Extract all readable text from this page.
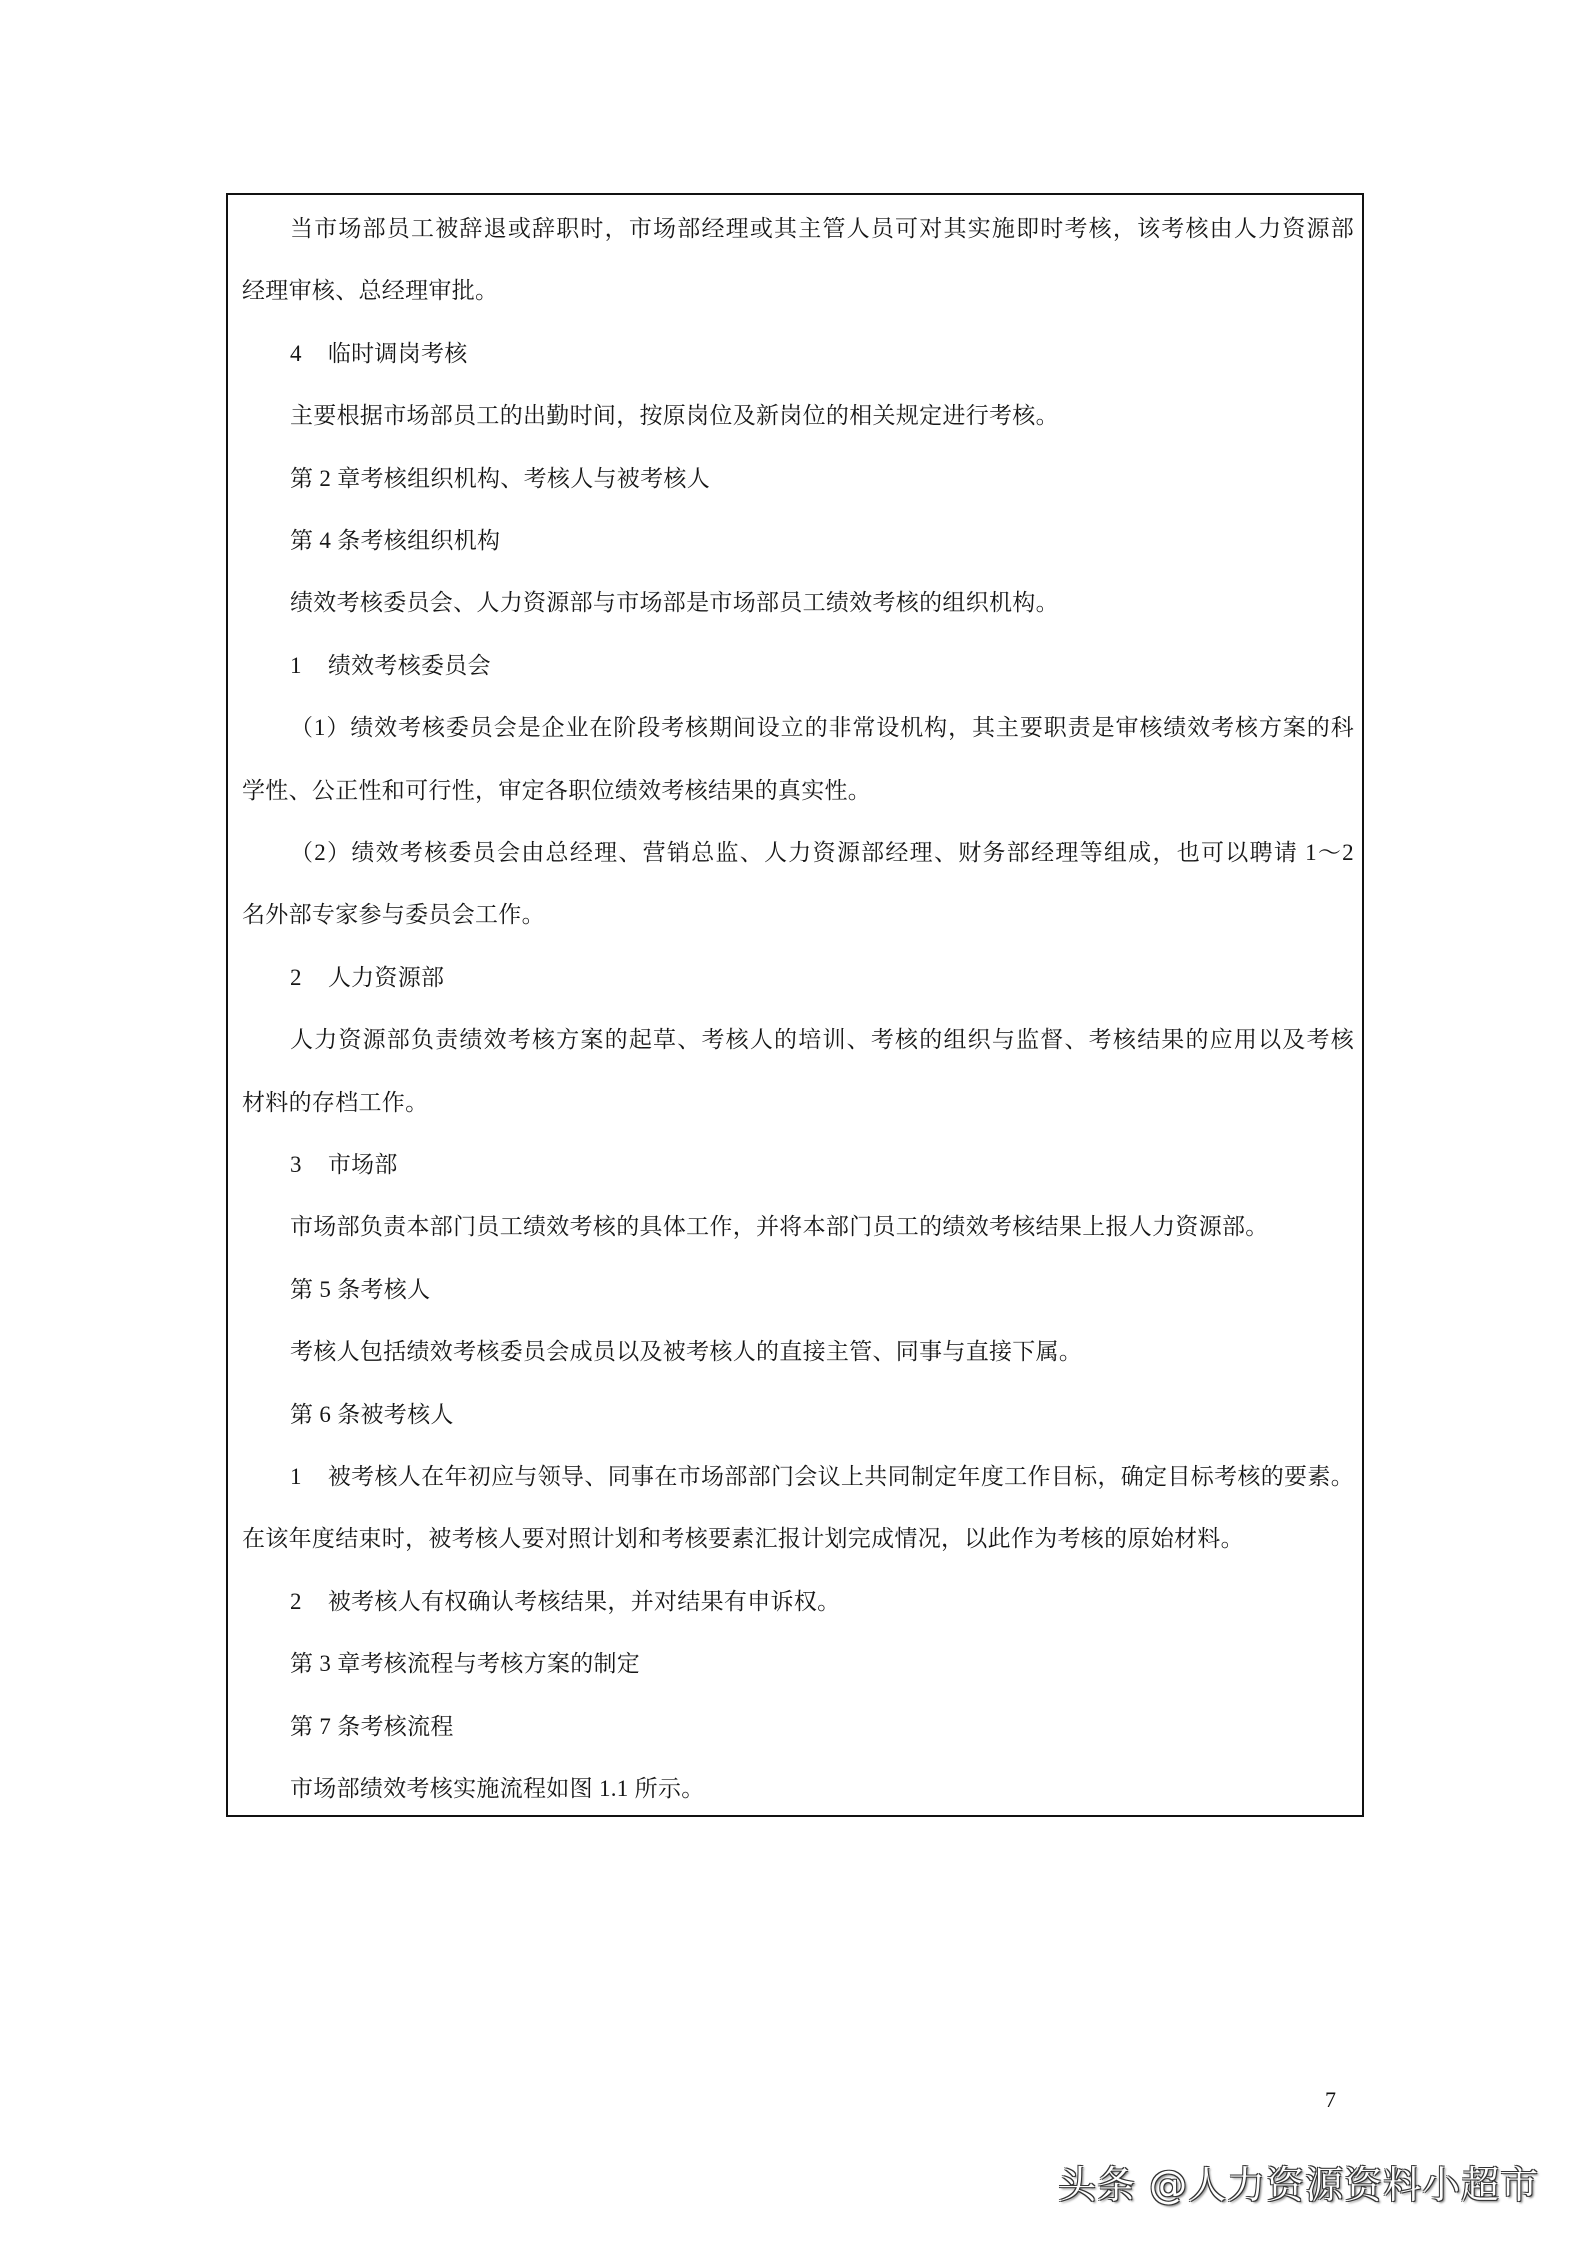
当市场部员工被辞退或辞职时，市场部经理或其主管人员可对其实施即时考核，该考核由人力资源部
经理审核、总经理审批。
4 临时调岗考核
主要根据市场部员工的出勤时间，按原岗位及新岗位的相关规定进行考核。
第 2 章考核组织机构、考核人与被考核人
第 4 条考核组织机构
绩效考核委员会、人力资源部与市场部是市场部员工绩效考核的组织机构。
1 绩效考核委员会
（1）绩效考核委员会是企业在阶段考核期间设立的非常设机构，其主要职责是审核绩效考核方案的科
学性、公正性和可行性，审定各职位绩效考核结果的真实性。
（2）绩效考核委员会由总经理、营销总监、人力资源部经理、财务部经理等组成，也可以聘请 1～2
名外部专家参与委员会工作。
2 人力资源部
人力资源部负责绩效考核方案的起草、考核人的培训、考核的组织与监督、考核结果的应用以及考核
材料的存档工作。
3 市场部
市场部负责本部门员工绩效考核的具体工作，并将本部门员工的绩效考核结果上报人力资源部。
第 5 条考核人
考核人包括绩效考核委员会成员以及被考核人的直接主管、同事与直接下属。
第 6 条被考核人
1 被考核人在年初应与领导、同事在市场部部门会议上共同制定年度工作目标，确定目标考核的要素。
在该年度结束时，被考核人要对照计划和考核要素汇报计划完成情况，以此作为考核的原始材料。
2 被考核人有权确认考核结果，并对结果有申诉权。
第 3 章考核流程与考核方案的制定
第 7 条考核流程
市场部绩效考核实施流程如图 1.1 所示。
7
头条 @人力资源资料小超市
